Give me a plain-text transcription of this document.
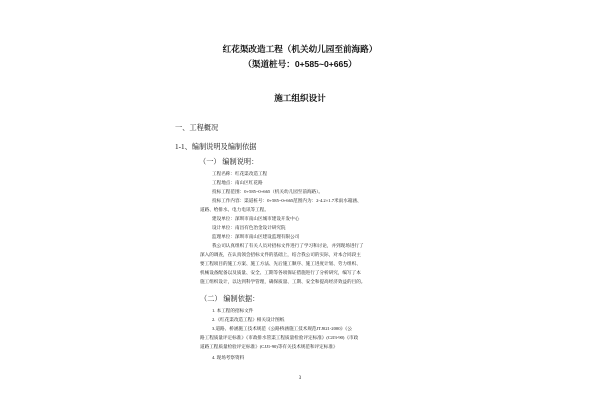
红花渠改造工程（机关幼儿园至前海路）
（渠道桩号：0+585~0+665）
施工组织设计
一、工程概况
1-1、编制说明及编制依据
（一） 编制说明：
工程名称：红花渠改造工程
工程地点：南山区红花路
投标工程范围：0+585~0+665（机关幼儿园至前海路）。
投标工作内容：渠道桩号：0+585~0+665范围内为：2-4.2×1.7米雨水箱涵、
道路、给排水、电力电讯等工程。
建设单位：深圳市南山区城市建设开发中心
设计单位：南昌有色冶金设计研究院
监理单位：深圳市南山区建设监理有限公司
我公司认真组织了有关人员对招标文件进行了学习和讨论，并到现场进行了
深入的调查，在认真领会招标文件的基础上，结合我公司的实际，对本合同段主
要工程项目的施工方案、施工方法、先后施工顺序、施工进度计划、劳力组织、
机械设备配备以及质量、安全、工期等各项保证措施进行了分析研究，编写了本
施工组织设计，以达到科学管理，确保质量、工期、安全和提高经济效益的目的。
（二） 编制依据：
1. 本工程的招标文件
2.《红花渠改造工程》相关设计图纸
3.道路、桥涵施工技术规范《公路桥涵施工技术规范JTJ021-2000》《公
路工程质量评定标准》《市政排水管渠工程质量检验评定标准》(CJJ3-90)《市政
道路工程质量检验评定标准》(CJJ1-90)等有关技术规范和评定标准》
4. 现场考察资料
3
